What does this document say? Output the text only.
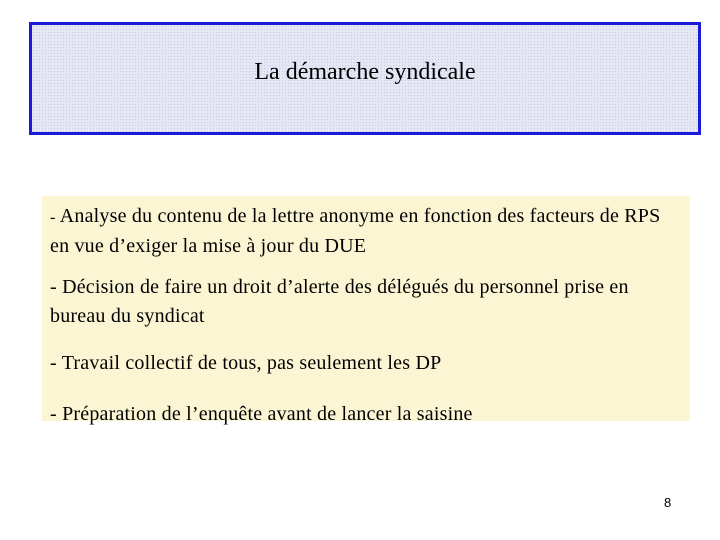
La démarche syndicale
- Analyse du contenu de la lettre anonyme en fonction des facteurs de RPS en vue d’exiger la mise à jour du DUE
- Décision de faire un droit d’alerte des délégués du personnel prise en bureau du syndicat
- Travail collectif de tous, pas seulement les DP
- Préparation de l’enquête avant de lancer la saisine
8
